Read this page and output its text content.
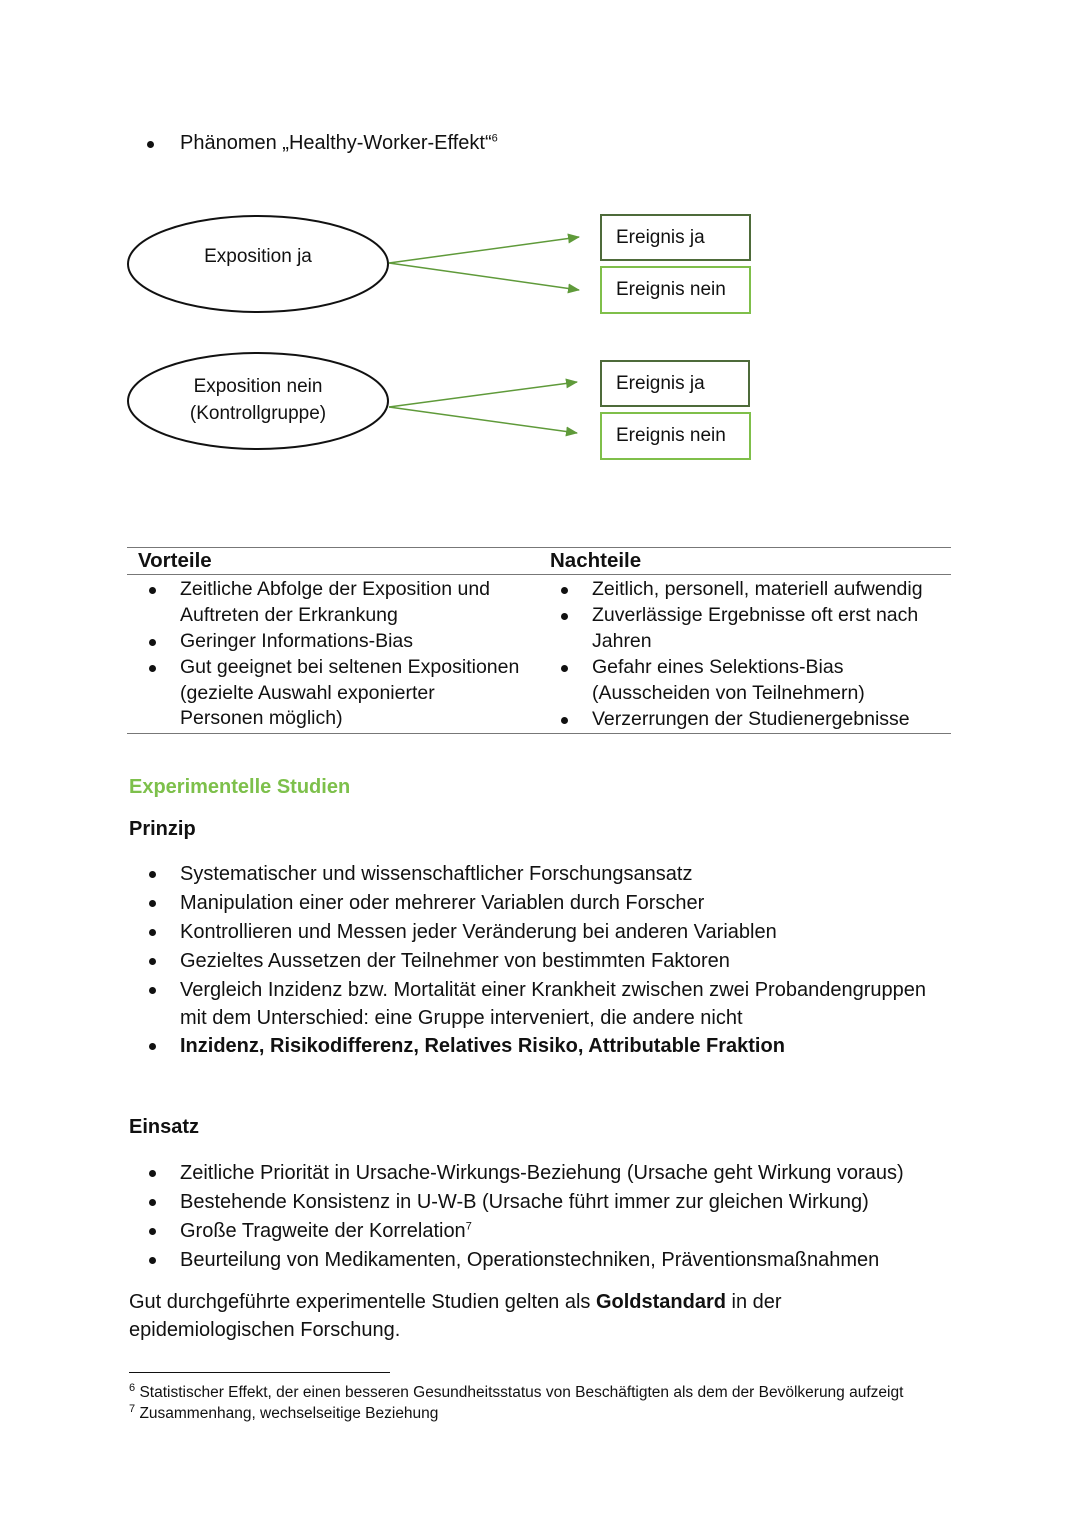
Phänomen „Healthy-Worker-Effekt“$^6$
Exposition ja
Exposition nein
(Kontrollgruppe)
Ereignis ja
Ereignis nein
Ereignis ja
Ereignis nein
Vorteile	Nachteile
Zeitliche Abfolge der Exposition und
Auftreten der Erkrankung
Geringer Informations-Bias
Gut geeignet bei seltenen Expositionen
(gezielte Auswahl exponierter
Personen möglich)
Zeitlich, personell, materiell aufwendig
Zuverlässige Ergebnisse oft erst nach
Jahren
Gefahr eines Selektions-Bias
(Ausscheiden von Teilnehmern)
Verzerrungen der Studienergebnisse
Experimentelle Studien
Prinzip
Systematischer und wissenschaftlicher Forschungsansatz
Manipulation einer oder mehrerer Variablen durch Forscher
Kontrollieren und Messen jeder Veränderung bei anderen Variablen
Gezieltes Aussetzen der Teilnehmer von bestimmten Faktoren
Vergleich Inzidenz bzw. Mortalität einer Krankheit zwischen zwei Probandengruppen
mit dem Unterschied: eine Gruppe interveniert, die andere nicht
Inzidenz, Risikodifferenz, Relatives Risiko, Attributable Fraktion
Einsatz
Zeitliche Priorität in Ursache-Wirkungs-Beziehung (Ursache geht Wirkung voraus)
Bestehende Konsistenz in U-W-B (Ursache führt immer zur gleichen Wirkung)
Große Tragweite der Korrelation$^7$
Beurteilung von Medikamenten, Operationstechniken, Präventionsmaßnahmen
Gut durchgeführte experimentelle Studien gelten als Goldstandard in der
epidemiologischen Forschung.
$^6$ Statistischer Effekt, der einen besseren Gesundheitsstatus von Beschäftigten als dem der Bevölkerung aufzeigt
$^7$ Zusammenhang, wechselseitige Beziehung
